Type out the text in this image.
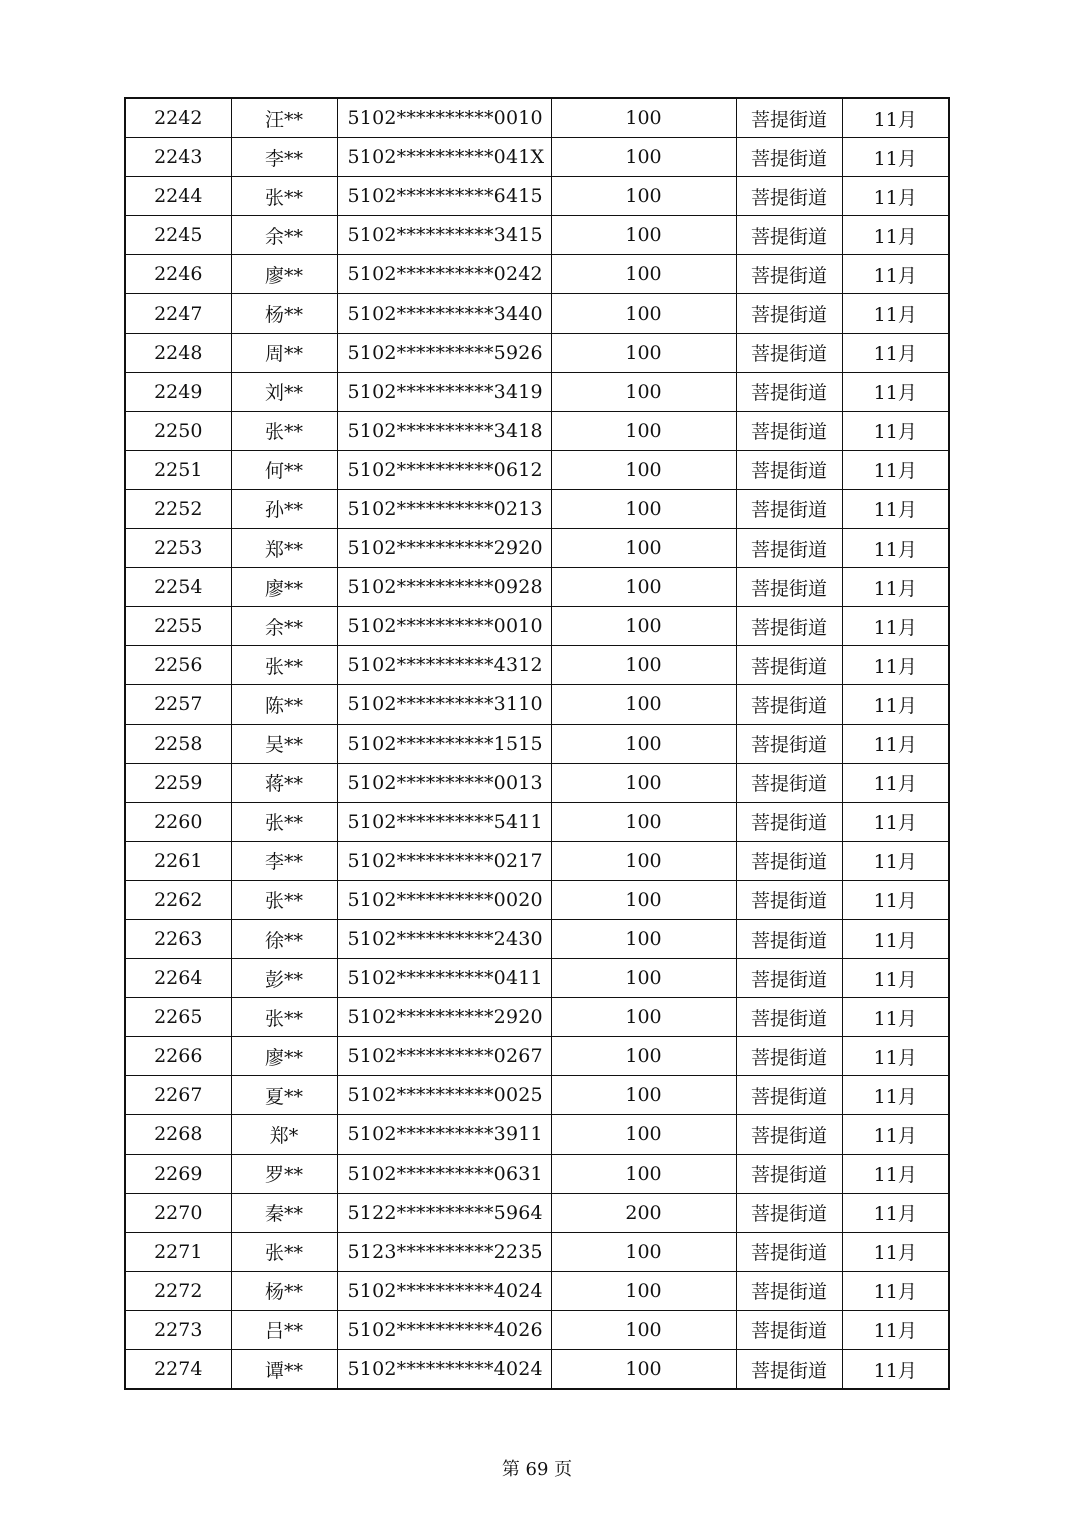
2242	汪**	5102**********0010	100	菩提街道	11月
2243	李**	5102**********041X	100	菩提街道	11月
2244	张**	5102**********6415	100	菩提街道	11月
2245	余**	5102**********3415	100	菩提街道	11月
2246	廖**	5102**********0242	100	菩提街道	11月
2247	杨**	5102**********3440	100	菩提街道	11月
2248	周**	5102**********5926	100	菩提街道	11月
2249	刘**	5102**********3419	100	菩提街道	11月
2250	张**	5102**********3418	100	菩提街道	11月
2251	何**	5102**********0612	100	菩提街道	11月
2252	孙**	5102**********0213	100	菩提街道	11月
2253	郑**	5102**********2920	100	菩提街道	11月
2254	廖**	5102**********0928	100	菩提街道	11月
2255	余**	5102**********0010	100	菩提街道	11月
2256	张**	5102**********4312	100	菩提街道	11月
2257	陈**	5102**********3110	100	菩提街道	11月
2258	吴**	5102**********1515	100	菩提街道	11月
2259	蒋**	5102**********0013	100	菩提街道	11月
2260	张**	5102**********5411	100	菩提街道	11月
2261	李**	5102**********0217	100	菩提街道	11月
2262	张**	5102**********0020	100	菩提街道	11月
2263	徐**	5102**********2430	100	菩提街道	11月
2264	彭**	5102**********0411	100	菩提街道	11月
2265	张**	5102**********2920	100	菩提街道	11月
2266	廖**	5102**********0267	100	菩提街道	11月
2267	夏**	5102**********0025	100	菩提街道	11月
2268	郑*	5102**********3911	100	菩提街道	11月
2269	罗**	5102**********0631	100	菩提街道	11月
2270	秦**	5122**********5964	200	菩提街道	11月
2271	张**	5123**********2235	100	菩提街道	11月
2272	杨**	5102**********4024	100	菩提街道	11月
2273	吕**	5102**********4026	100	菩提街道	11月
2274	谭**	5102**********4024	100	菩提街道	11月
第 69 页
